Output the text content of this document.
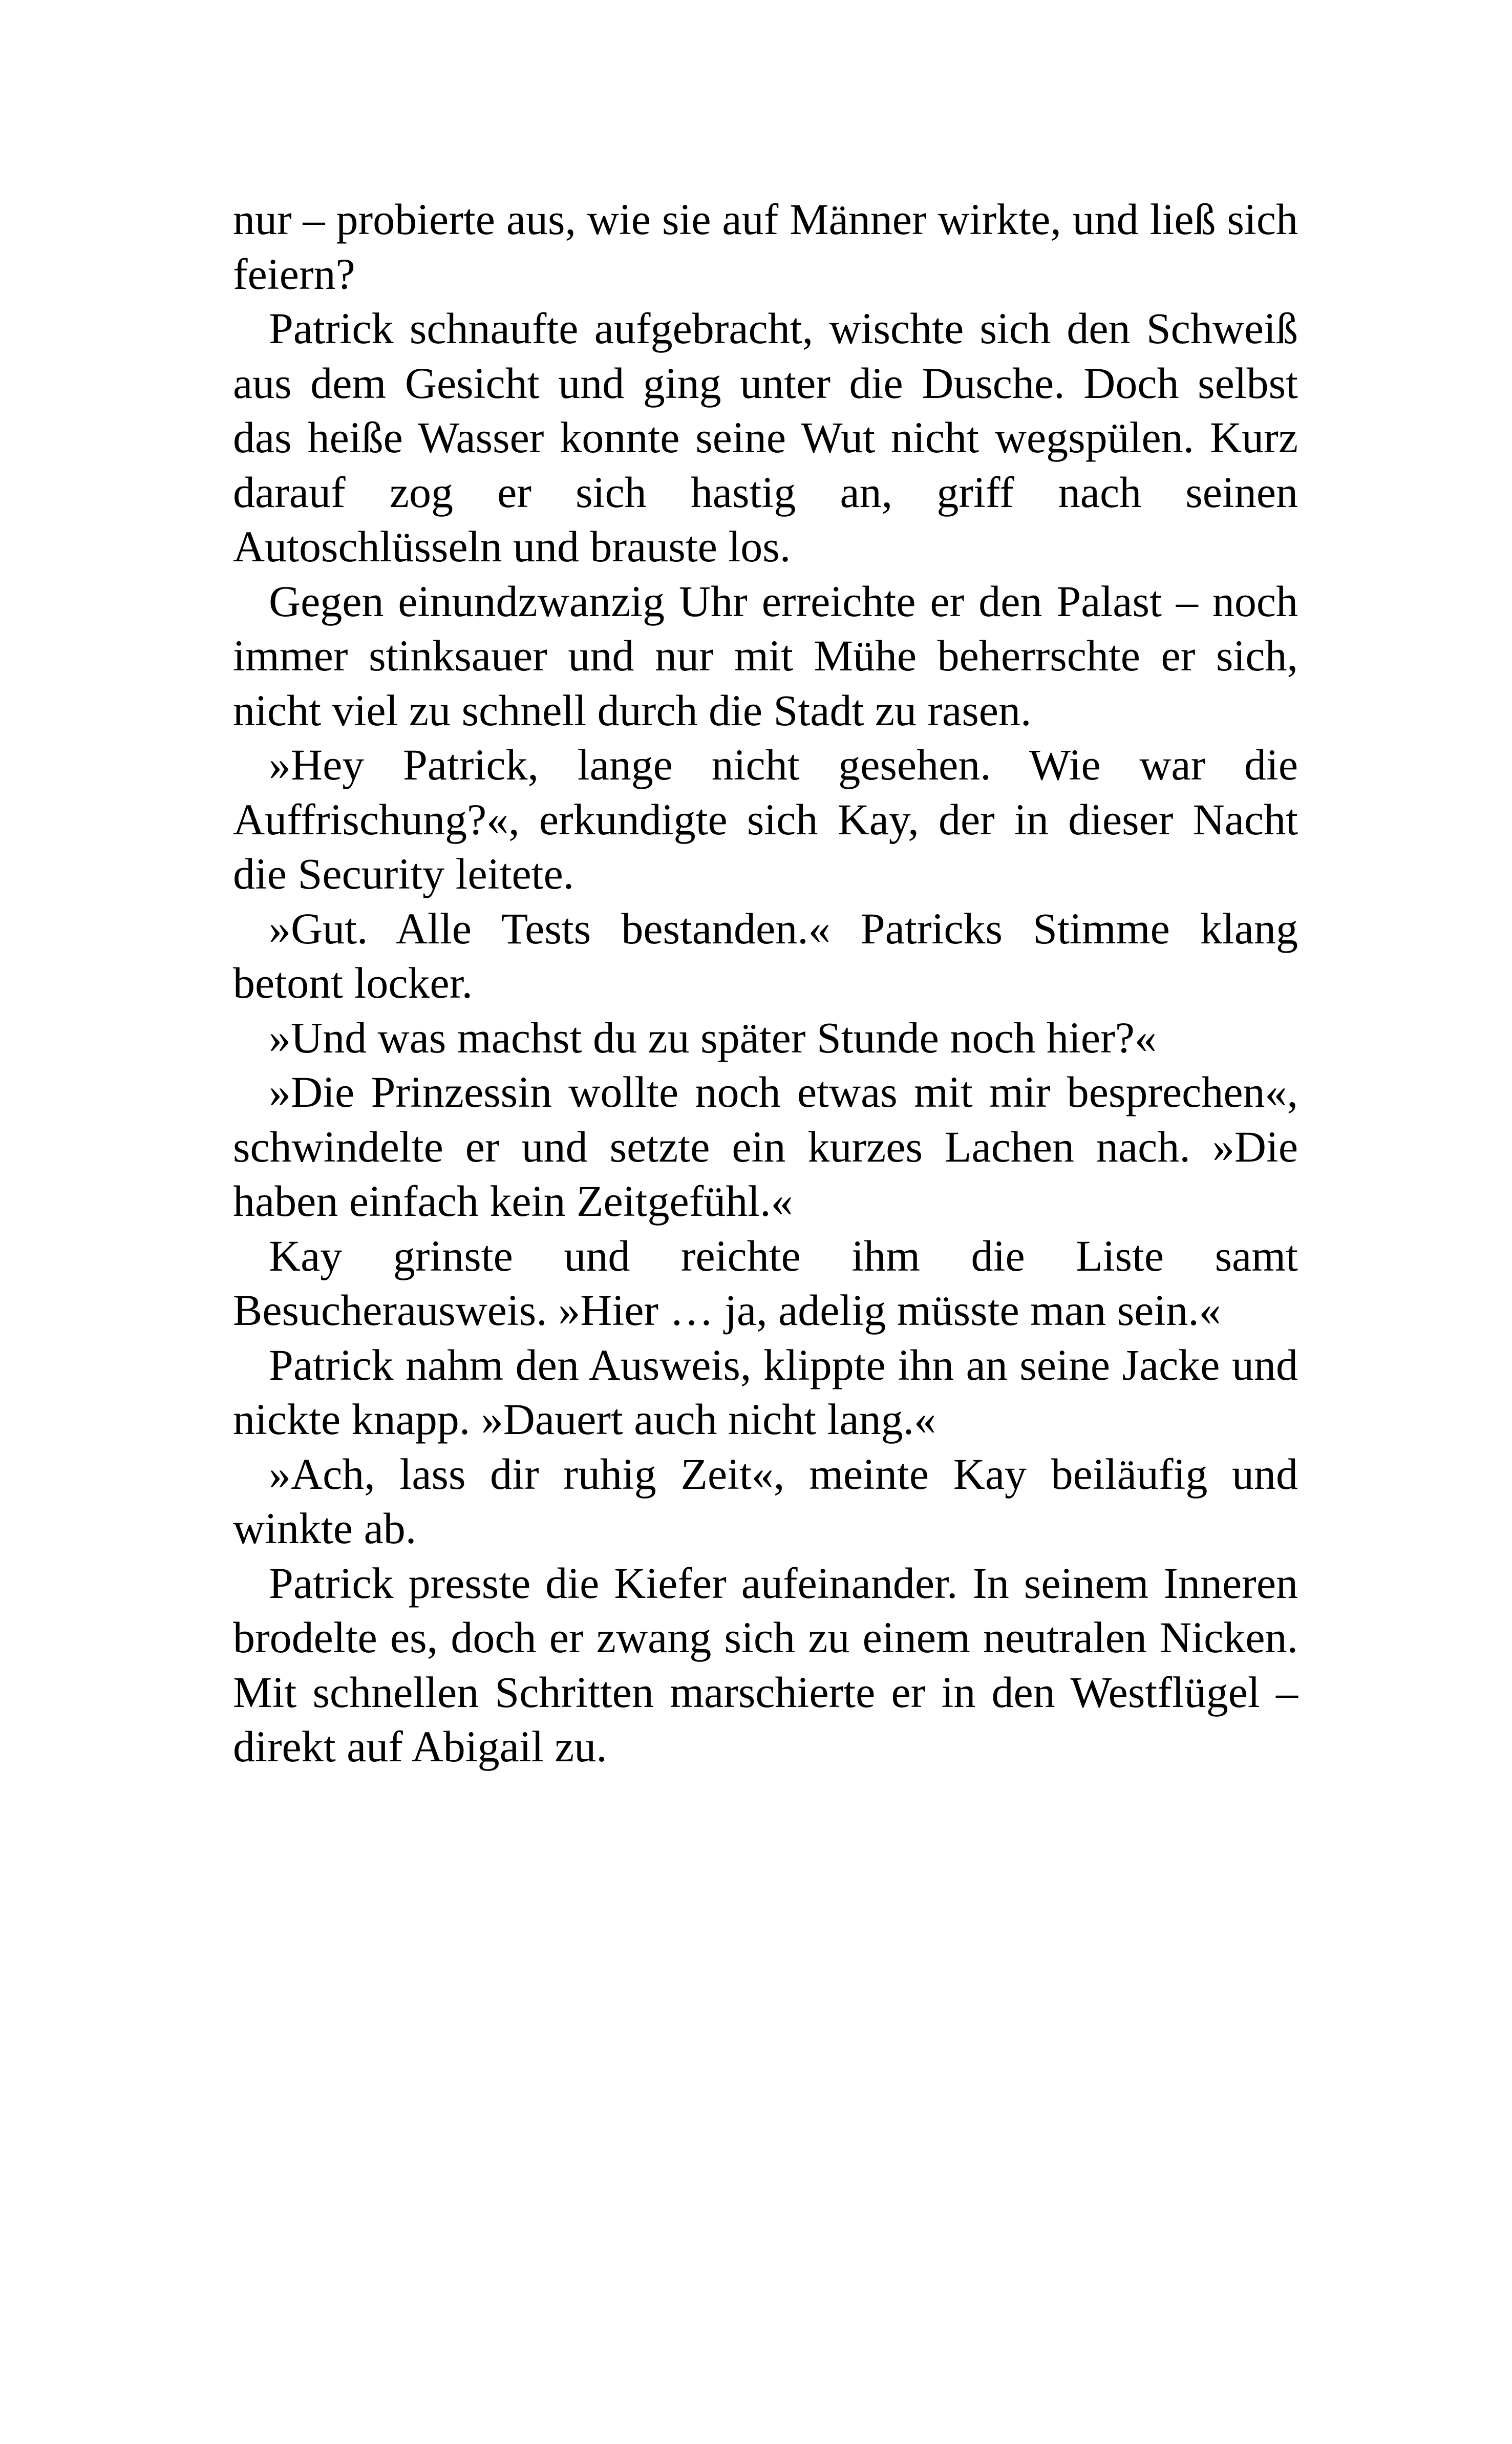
nur – probierte aus, wie sie auf Männer wirkte, und ließ sich feiern?

Patrick schnaufte aufgebracht, wischte sich den Schweiß aus dem Gesicht und ging unter die Dusche. Doch selbst das heiße Wasser konnte seine Wut nicht wegspülen. Kurz darauf zog er sich hastig an, griff nach seinen Autoschlüsseln und brauste los.

Gegen einundzwanzig Uhr erreichte er den Palast – noch immer stinksauer und nur mit Mühe beherrschte er sich, nicht viel zu schnell durch die Stadt zu rasen.

»Hey Patrick, lange nicht gesehen. Wie war die Auffrischung?«, erkundigte sich Kay, der in dieser Nacht die Security leitete.

»Gut. Alle Tests bestanden.« Patricks Stimme klang betont locker.

»Und was machst du zu später Stunde noch hier?«

»Die Prinzessin wollte noch etwas mit mir besprechen«, schwindelte er und setzte ein kurzes Lachen nach. »Die haben einfach kein Zeitgefühl.«

Kay grinste und reichte ihm die Liste samt Besucherausweis. »Hier … ja, adelig müsste man sein.«

Patrick nahm den Ausweis, klippte ihn an seine Jacke und nickte knapp. »Dauert auch nicht lang.«

»Ach, lass dir ruhig Zeit«, meinte Kay beiläufig und winkte ab.

Patrick presste die Kiefer aufeinander. In seinem Inneren brodelte es, doch er zwang sich zu einem neutralen Nicken. Mit schnellen Schritten marschierte er in den Westflügel – direkt auf Abigail zu.
